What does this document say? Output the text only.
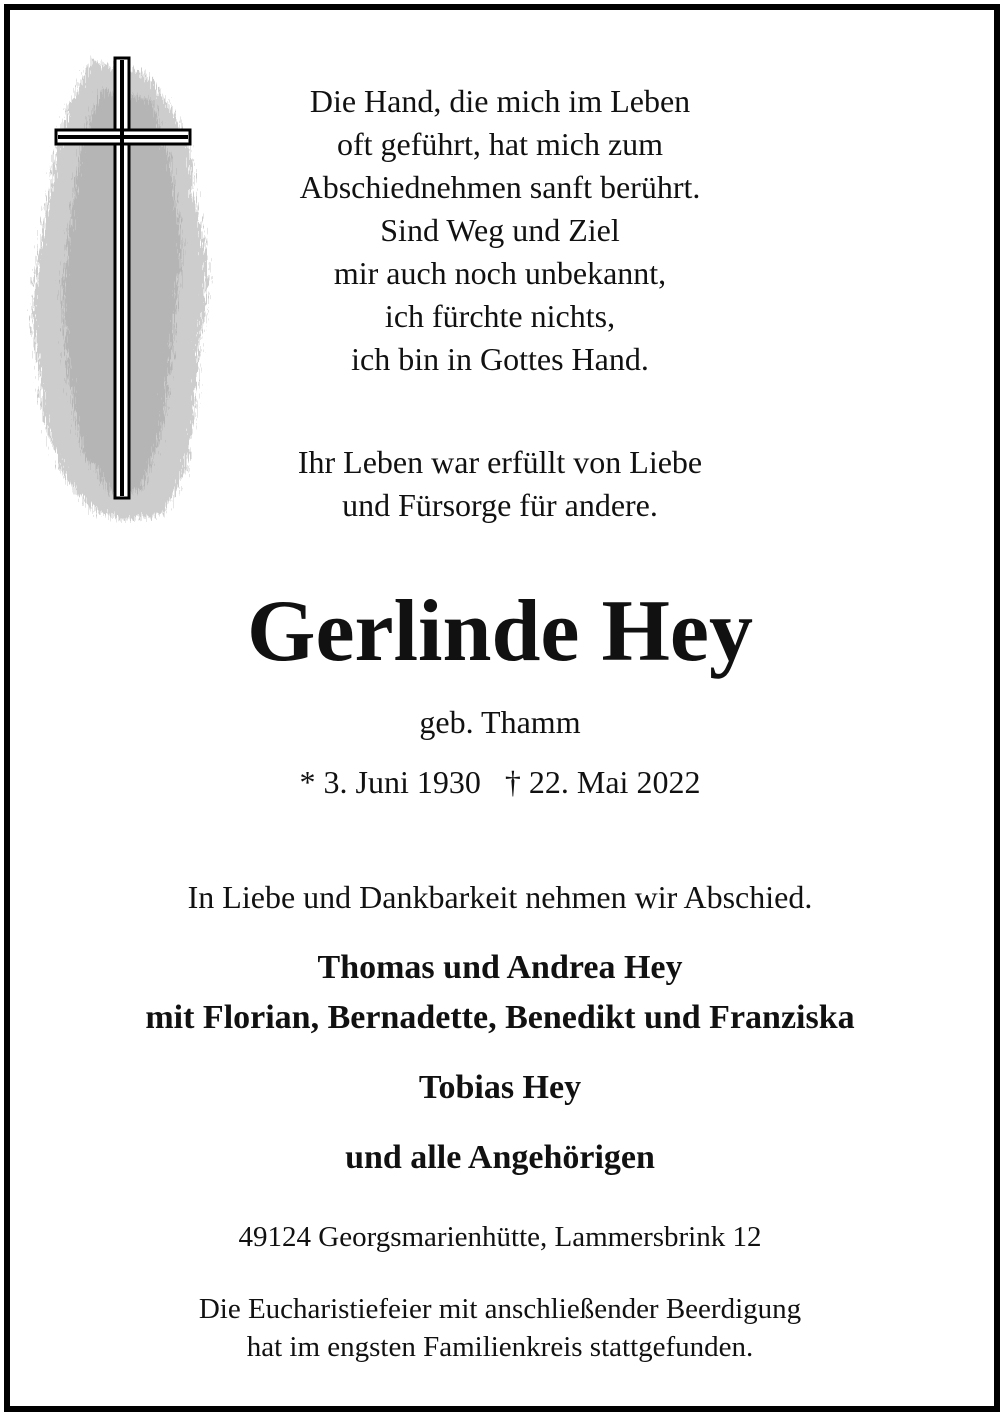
Die Hand, die mich im Leben
oft geführt, hat mich zum
Abschiednehmen sanft berührt.
Sind Weg und Ziel
mir auch noch unbekannt,
ich fürchte nichts,
ich bin in Gottes Hand.
Ihr Leben war erfüllt von Liebe
und Fürsorge für andere.
Gerlinde Hey
geb. Thamm
* 3. Juni 1930   † 22. Mai 2022
In Liebe und Dankbarkeit nehmen wir Abschied.
Thomas und Andrea Hey
mit Florian, Bernadette, Benedikt und Franziska
Tobias Hey
und alle Angehörigen
49124 Georgsmarienhütte, Lammersbrink 12
Die Eucharistiefeier mit anschließender Beerdigung
hat im engsten Familienkreis stattgefunden.
